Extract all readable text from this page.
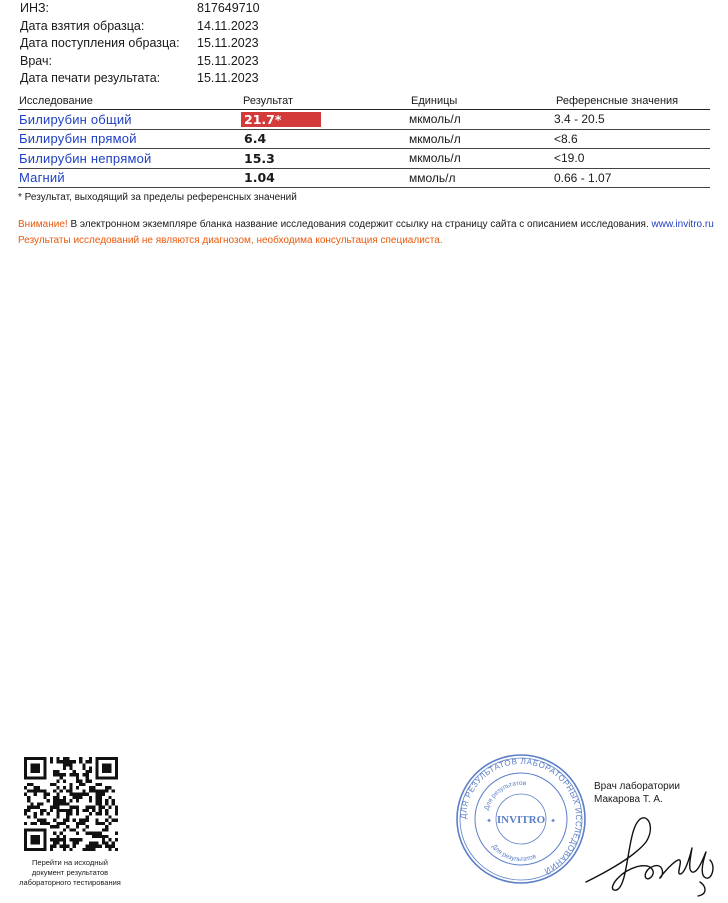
ИНЗ:	817649710
Дата взятия образца:	14.11.2023
Дата поступления образца:	15.11.2023
Врач:	15.11.2023
Дата печати результата:	15.11.2023
Исследование	Результат	Единицы	Референсные значения
Билирубин общий	21.7*	мкмоль/л	3.4 - 20.5
Билирубин прямой	6.4	мкмоль/л	<8.6
Билирубин непрямой	15.3	мкмоль/л	<19.0
Магний	1.04	ммоль/л	0.66 - 1.07
* Результат, выходящий за пределы референсных значений
Внимание! В электронном экземпляре бланка название исследования содержит ссылку на страницу сайта с описанием исследования. www.invitro.ru
Результаты исследований не являются диагнозом, необходима консультация специалиста.
Перейти на исходный
документ результатов
лабораторного тестирования
ДЛЯ РЕЗУЛЬТАТОВ ЛАБОРАТОРНЫХ ИССЛЕДОВАНИЙ
Для результатов
Для результатов
INVITRO
✦	✦
Врач лаборатории
Макарова Т. А.
